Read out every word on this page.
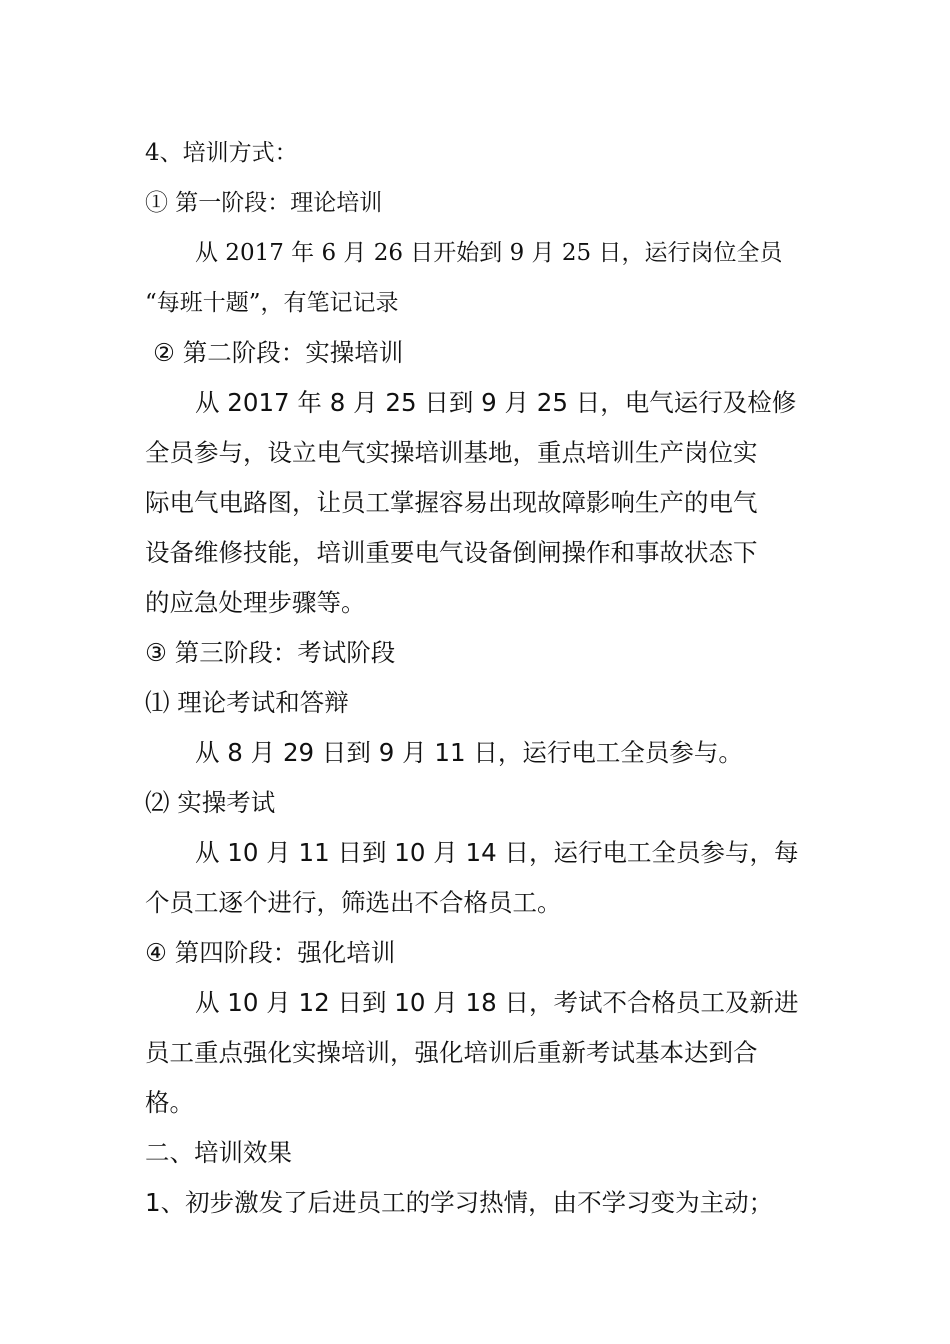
4、培训方式：
① 第一阶段：理论培训
从 2017 年 6 月 26 日开始到 9 月 25 日，运行岗位全员
“每班十题”，有笔记记录
② 第二阶段：实操培训
从 2017 年 8 月 25 日到 9 月 25 日，电气运行及检修
全员参与，设立电气实操培训基地，重点培训生产岗位实
际电气电路图，让员工掌握容易出现故障影响生产的电气
设备维修技能，培训重要电气设备倒闸操作和事故状态下
的应急处理步骤等。
③ 第三阶段：考试阶段
⑴ 理论考试和答辩
从 8 月 29 日到 9 月 11 日，运行电工全员参与。
⑵ 实操考试
从 10 月 11 日到 10 月 14 日，运行电工全员参与，每
个员工逐个进行，筛选出不合格员工。
④ 第四阶段：强化培训
从 10 月 12 日到 10 月 18 日，考试不合格员工及新进
员工重点强化实操培训，强化培训后重新考试基本达到合
格。
二、培训效果
1、初步激发了后进员工的学习热情，由不学习变为主动；
